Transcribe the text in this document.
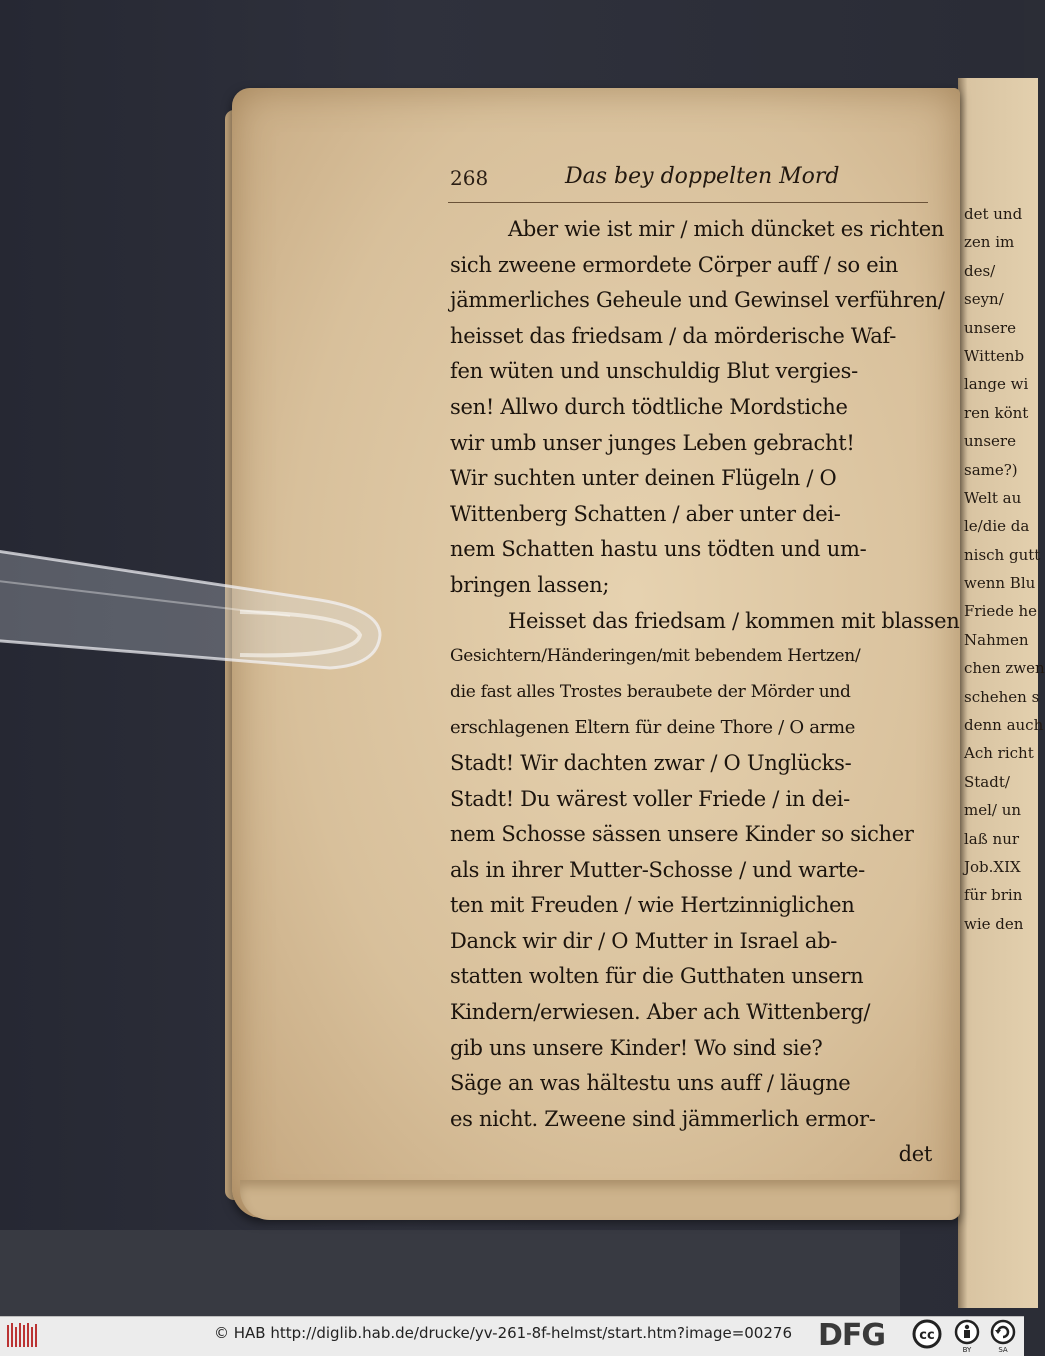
det und
zen im
des/
seyn/
unsere
Wittenb
lange wi
ren könt
unsere
same?)
Welt au
le/die da
nisch gutt
wenn Blu
Friede he
Nahmen
chen zwen
schehen s
denn auch
Ach richt
Stadt/
mel/ un
laß nur
Job.XIX
für brin
wie den
268	Das bey doppelten Mord
Aber wie ist mir / mich düncket es richten
sich zweene ermordete Cörper auff / so ein
jämmerliches Geheule und Gewinsel verführen/
heisset das friedsam / da mörderische Waf-
fen wüten und unschuldig Blut vergies-
sen! Allwo durch tödtliche Mordstiche
wir umb unser junges Leben gebracht!
Wir suchten unter deinen Flügeln / O
Wittenberg Schatten / aber unter dei-
nem Schatten hastu uns tödten und um-
bringen lassen;
Heisset das friedsam / kommen mit blassen
Gesichtern/Händeringen/mit bebendem Hertzen/
die fast alles Trostes beraubete der Mörder und
erschlagenen Eltern für deine Thore / O arme
Stadt! Wir dachten zwar / O Unglücks-
Stadt! Du wärest voller Friede / in dei-
nem Schosse sässen unsere Kinder so sicher
als in ihrer Mutter-Schosse / und warte-
ten mit Freuden / wie Hertzinniglichen
Danck wir dir / O Mutter in Israel ab-
statten wolten für die Gutthaten unsern
Kindern/erwiesen. Aber ach Wittenberg/
gib uns unsere Kinder! Wo sind sie?
Säge an was hältestu uns auff / läugne
es nicht. Zweene sind jämmerlich ermor-
det
© HAB http://diglib.hab.de/drucke/yv-261-8f-helmst/start.htm?image=00276 DFG	cc
BY	SA
